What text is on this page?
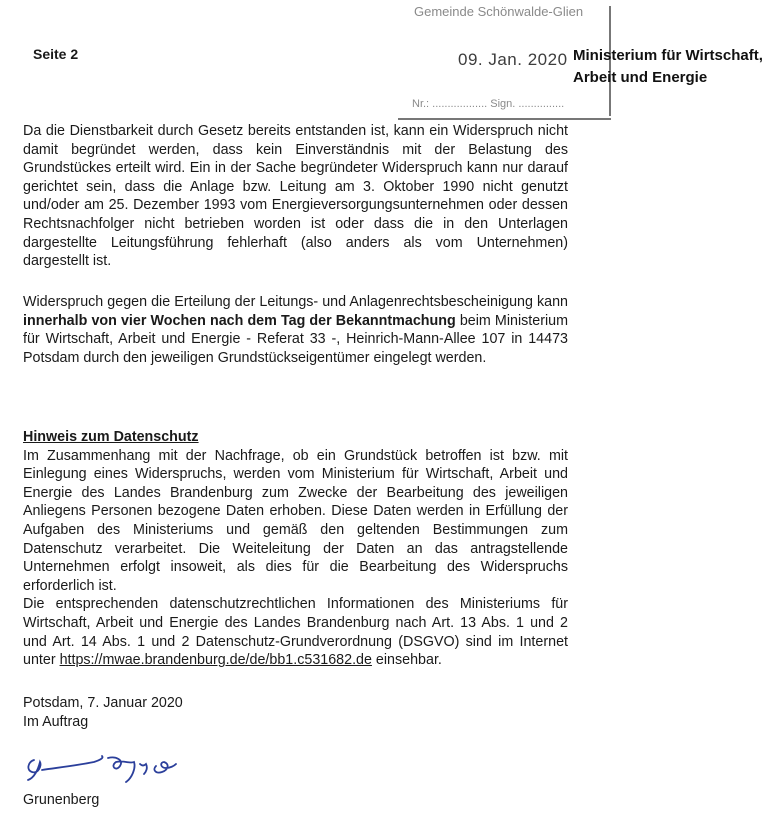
Seite 2
Gemeinde Schönwalde-Glien
09. Jan. 2020
Nr.: .................. Sign. ...............
Ministerium für Wirtschaft,
Arbeit und Energie
Da die Dienstbarkeit durch Gesetz bereits entstanden ist, kann ein Widerspruch nicht damit begründet werden, dass kein Einverständnis mit der Belastung des Grundstückes erteilt wird. Ein in der Sache begründeter Widerspruch kann nur darauf gerichtet sein, dass die Anlage bzw. Leitung am 3. Oktober 1990 nicht genutzt und/oder am 25. Dezember 1993 vom Energieversorgungsunternehmen oder dessen Rechtsnachfolger nicht betrieben worden ist oder dass die in den Unterlagen dargestellte Leitungsführung fehlerhaft (also anders als vom Unternehmen) dargestellt ist.
Widerspruch gegen die Erteilung der Leitungs- und Anlagenrechtsbescheinigung kann innerhalb von vier Wochen nach dem Tag der Bekanntmachung beim Ministerium für Wirtschaft, Arbeit und Energie - Referat 33 -, Heinrich-Mann-Allee 107 in 14473 Potsdam durch den jeweiligen Grundstückseigentümer eingelegt werden.
Hinweis zum Datenschutz
Im Zusammenhang mit der Nachfrage, ob ein Grundstück betroffen ist bzw. mit Einlegung eines Widerspruchs, werden vom Ministerium für Wirtschaft, Arbeit und Energie des Landes Brandenburg zum Zwecke der Bearbeitung des jeweiligen Anliegens Personen bezogene Daten erhoben. Diese Daten werden in Erfüllung der Aufgaben des Ministeriums und gemäß den geltenden Bestimmungen zum Datenschutz verarbeitet. Die Weiteleitung der Daten an das antragstellende Unternehmen erfolgt insoweit, als dies für die Bearbeitung des Widerspruchs erforderlich ist.
Die entsprechenden datenschutzrechtlichen Informationen des Ministeriums für Wirtschaft, Arbeit und Energie des Landes Brandenburg nach Art. 13 Abs. 1 und 2 und Art. 14 Abs. 1 und 2 Datenschutz-Grundverordnung (DSGVO) sind im Internet unter https://mwae.brandenburg.de/de/bb1.c531682.de einsehbar.
Potsdam, 7. Januar 2020
Im Auftrag
Grunenberg
